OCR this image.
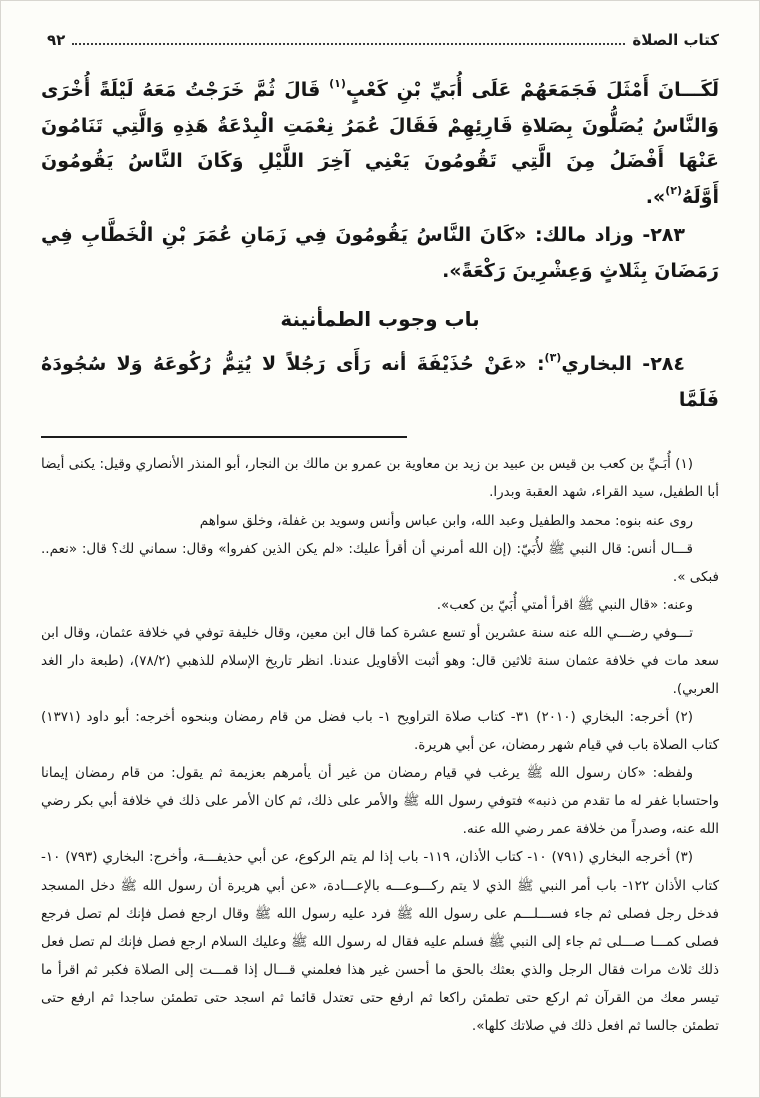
كتاب الصلاة
٩٢

لَكَـــانَ أَمْثَلَ فَجَمَعَهُمْ عَلَى أُبَيِّ بْنِ كَعْبٍ$^{(١)}$ قَالَ ثُمَّ خَرَجْتُ مَعَهُ لَيْلَةً أُخْرَى وَالنَّاسُ يُصَلُّونَ بِصَلاةِ قَارِئِهِمْ فَقَالَ عُمَرُ نِعْمَتِ الْبِدْعَةُ هَذِهِ وَالَّتِي تَنَامُونَ عَنْهَا أَفْضَلُ مِنَ الَّتِي تَقُومُونَ يَعْنِي آخِرَ اللَّيْلِ وَكَانَ النَّاسُ يَقُومُونَ أَوَّلَهُ$^{(٢)}$».

٢٨٣- وزاد مالك: «كَانَ النَّاسُ يَقُومُونَ فِي زَمَانِ عُمَرَ بْنِ الْخَطَّابِ فِي رَمَضَانَ بِثَلاثٍ وَعِشْرِينَ رَكْعَةً».

باب وجوب الطمأنينة

٢٨٤- البخاري$^{(٣)}$: «عَنْ حُذَيْفَةَ أنه رَأَى رَجُلاً لا يُتِمُّ رُكُوعَهُ وَلا سُجُودَهُ فَلَمَّا

(١) أُبَـيِّ بن كعب بن قيس بن عبيد بن زيد بن معاوية بن عمرو بن مالك بن النجار، أبو المنذر الأنصاري وقيل: يكنى أيضا أبا الطفيل، سيد القراء، شهد العقبة وبدرا.

روى عنه بنوه: محمد والطفيل وعبد الله، وابن عباس وأنس وسويد بن غفلة، وخلق سواهم

قـــال أنس: قال النبي ﷺ لأُبَيّ: (إن الله أمرني أن أقرأ عليك: «لم يكن الذين كفروا» وقال: سماني لك؟ قال: «نعم.. فبكى ».

وعنه: «قال النبي ﷺ اقرأ أمتي أُبَيّ بن كعب».

تـــوفي رضـــي الله عنه سنة عشرين أو تسع عشرة كما قال ابن معين، وقال خليفة توفي في خلافة عثمان، وقال ابن سعد مات في خلافة عثمان سنة ثلاثين قال: وهو أثبت الأقاويل عندنا. انظر تاريخ الإسلام للذهبي (٧٨/٢)، (طبعة دار الغد العربي).

(٢) أخرجه: البخاري (٢٠١٠) ٣١- كتاب صلاة التراويح ١- باب فضل من قام رمضان وبنحوه أخرجه: أبو داود (١٣٧١) كتاب الصلاة باب في قيام شهر رمضان، عن أبي هريرة.

ولفظه: «كان رسول الله ﷺ يرغب في قيام رمضان من غير أن يأمرهم بعزيمة ثم يقول: من قام رمضان إيمانا واحتسابا غفر له ما تقدم من ذنبه» فتوفي رسول الله ﷺ والأمر على ذلك، ثم كان الأمر على ذلك في خلافة أبي بكر رضي الله عنه، وصدراً من خلافة عمر رضي الله عنه.

(٣) أخرجه البخاري (٧٩١) ١٠- كتاب الأذان، ١١٩- باب إذا لم يتم الركوع، عن أبي حذيفـــة، وأخرج: البخاري (٧٩٣) ١٠- كتاب الأذان ١٢٢- باب أمر النبي ﷺ الذي لا يتم ركـــوعـــه بالإعـــادة، «عن أبي هريرة أن رسول الله ﷺ دخل المسجد فدخل رجل فصلى ثم جاء فســـلـــم على رسول الله ﷺ فرد عليه رسول الله ﷺ وقال ارجع فصل فإنك لم تصل فرجع فصلى كمـــا صـــلى ثم جاء إلى النبي ﷺ فسلم عليه فقال له رسول الله ﷺ وعليك السلام ارجع فصل فإنك لم تصل فعل ذلك ثلاث مرات فقال الرجل والذي بعثك بالحق ما أحسن غير هذا فعلمني قـــال إذا قمـــت إلى الصلاة فكبر ثم اقرأ ما تيسر معك من القرآن ثم اركع حتى تطمئن راكعا ثم ارفع حتى تعتدل قائما ثم اسجد حتى تطمئن ساجدا ثم ارفع حتى تطمئن جالسا ثم افعل ذلك في صلاتك كلها».
